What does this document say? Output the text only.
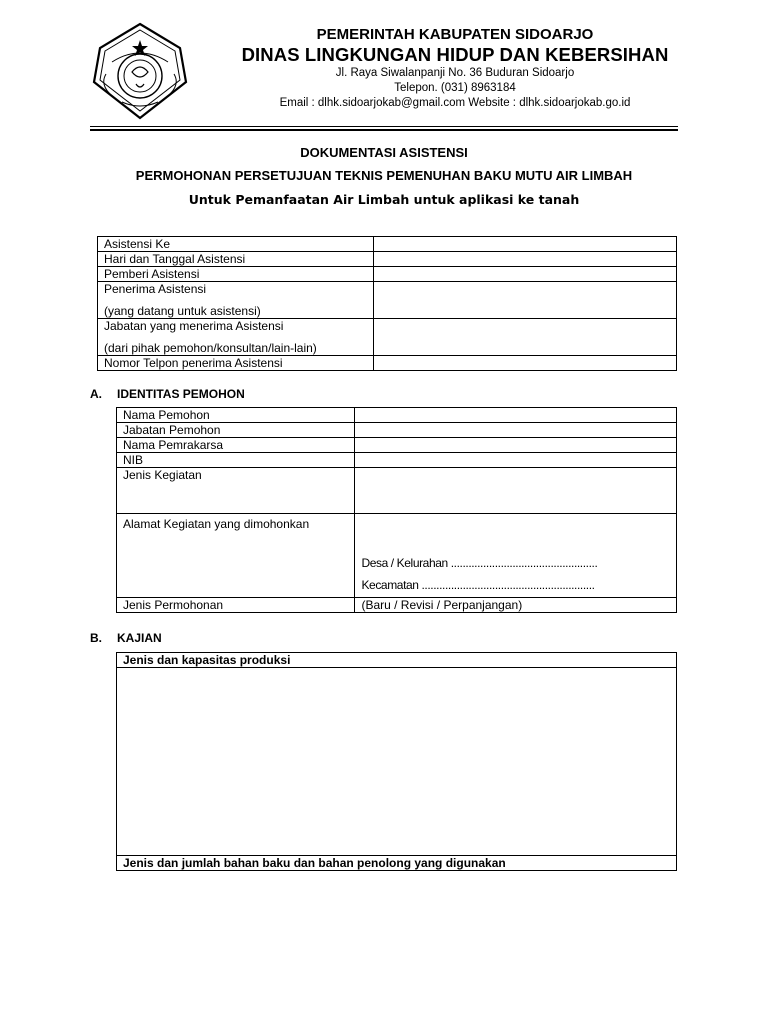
PEMERINTAH KABUPATEN SIDOARJO
DINAS LINGKUNGAN HIDUP DAN KEBERSIHAN
Jl. Raya Siwalanpanji No. 36 Buduran Sidoarjo
Telepon. (031) 8963184
Email : dlhk.sidoarjokab@gmail.com Website : dlhk.sidoarjokab.go.id
DOKUMENTASI ASISTENSI
PERMOHONAN PERSETUJUAN TEKNIS PEMENUHAN BAKU MUTU AIR LIMBAH
Untuk Pemanfaatan Air Limbah untuk aplikasi ke tanah
Asistensi Ke	
Hari dan Tanggal Asistensi	
Pemberi Asistensi	
Penerima Asistensi
(yang datang untuk asistensi)	

Jabatan yang menerima Asistensi
(dari pihak pemohon/konsultan/lain-lain)	

Nomor Telpon penerima Asistensi	
A. IDENTITAS PEMOHON
Nama Pemohon	
Jabatan Pemohon	
Nama Pemrakarsa	
NIB	
Jenis Kegiatan	
Alamat Kegiatan yang dimohonkan	Desa / Kelurahan ..................................................

Kecamatan ...........................................................
Jenis Permohonan	(Baru / Revisi / Perpanjangan)
B. KAJIAN
Jenis dan kapasitas produksi

Jenis dan jumlah bahan baku dan bahan penolong yang digunakan
